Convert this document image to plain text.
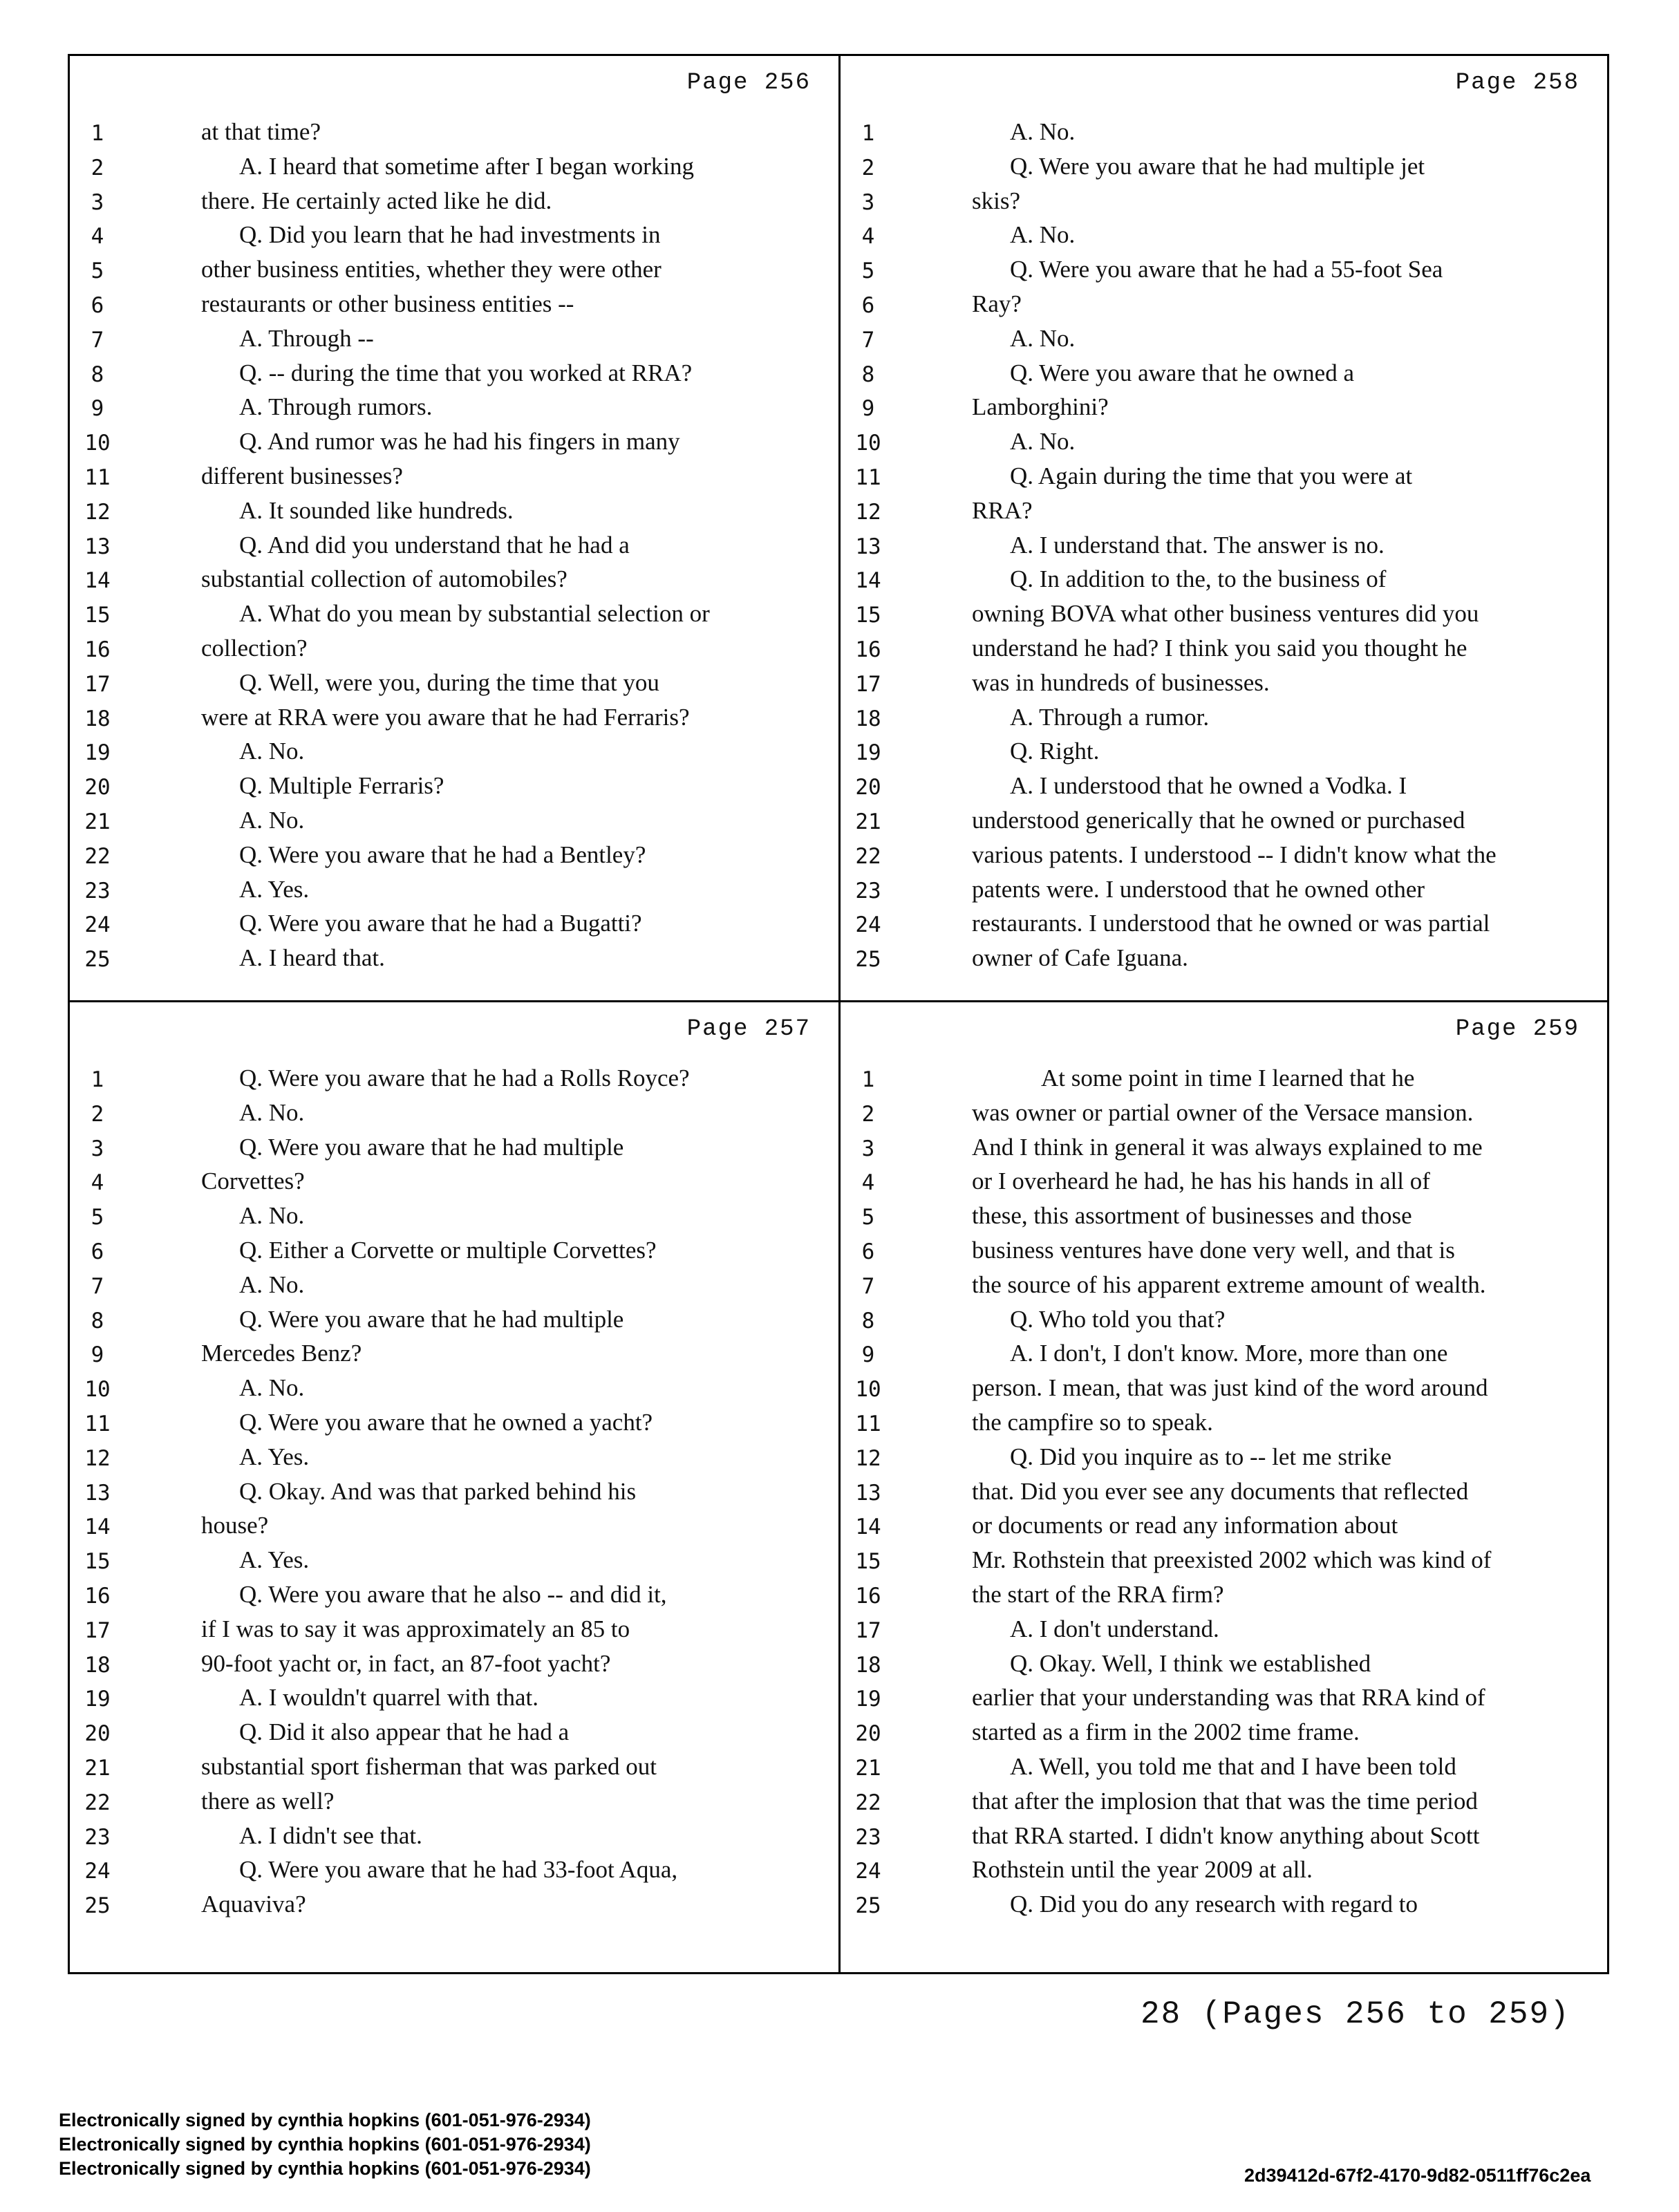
Page 256
1	at that time?
2	A. I heard that sometime after I began working
3	there. He certainly acted like he did.
4	Q. Did you learn that he had investments in
5	other business entities, whether they were other
6	restaurants or other business entities --
7	A. Through --
8	Q. -- during the time that you worked at RRA?
9	A. Through rumors.
10	Q. And rumor was he had his fingers in many
11	different businesses?
12	A. It sounded like hundreds.
13	Q. And did you understand that he had a
14	substantial collection of automobiles?
15	A. What do you mean by substantial selection or
16	collection?
17	Q. Well, were you, during the time that you
18	were at RRA were you aware that he had Ferraris?
19	A. No.
20	Q. Multiple Ferraris?
21	A. No.
22	Q. Were you aware that he had a Bentley?
23	A. Yes.
24	Q. Were you aware that he had a Bugatti?
25	A. I heard that.
Page 258
1	A. No.
2	Q. Were you aware that he had multiple jet
3	skis?
4	A. No.
5	Q. Were you aware that he had a 55-foot Sea
6	Ray?
7	A. No.
8	Q. Were you aware that he owned a
9	Lamborghini?
10	A. No.
11	Q. Again during the time that you were at
12	RRA?
13	A. I understand that. The answer is no.
14	Q. In addition to the, to the business of
15	owning BOVA what other business ventures did you
16	understand he had? I think you said you thought he
17	was in hundreds of businesses.
18	A. Through a rumor.
19	Q. Right.
20	A. I understood that he owned a Vodka. I
21	understood generically that he owned or purchased
22	various patents. I understood -- I didn't know what the
23	patents were. I understood that he owned other
24	restaurants. I understood that he owned or was partial
25	owner of Cafe Iguana.
Page 257
1	Q. Were you aware that he had a Rolls Royce?
2	A. No.
3	Q. Were you aware that he had multiple
4	Corvettes?
5	A. No.
6	Q. Either a Corvette or multiple Corvettes?
7	A. No.
8	Q. Were you aware that he had multiple
9	Mercedes Benz?
10	A. No.
11	Q. Were you aware that he owned a yacht?
12	A. Yes.
13	Q. Okay. And was that parked behind his
14	house?
15	A. Yes.
16	Q. Were you aware that he also -- and did it,
17	if I was to say it was approximately an 85 to
18	90-foot yacht or, in fact, an 87-foot yacht?
19	A. I wouldn't quarrel with that.
20	Q. Did it also appear that he had a
21	substantial sport fisherman that was parked out
22	there as well?
23	A. I didn't see that.
24	Q. Were you aware that he had 33-foot Aqua,
25	Aquaviva?
Page 259
1	At some point in time I learned that he
2	was owner or partial owner of the Versace mansion.
3	And I think in general it was always explained to me
4	or I overheard he had, he has his hands in all of
5	these, this assortment of businesses and those
6	business ventures have done very well, and that is
7	the source of his apparent extreme amount of wealth.
8	Q. Who told you that?
9	A. I don't, I don't know. More, more than one
10	person. I mean, that was just kind of the word around
11	the campfire so to speak.
12	Q. Did you inquire as to -- let me strike
13	that. Did you ever see any documents that reflected
14	or documents or read any information about
15	Mr. Rothstein that preexisted 2002 which was kind of
16	the start of the RRA firm?
17	A. I don't understand.
18	Q. Okay. Well, I think we established
19	earlier that your understanding was that RRA kind of
20	started as a firm in the 2002 time frame.
21	A. Well, you told me that and I have been told
22	that after the implosion that that was the time period
23	that RRA started. I didn't know anything about Scott
24	Rothstein until the year 2009 at all.
25	Q. Did you do any research with regard to
28 (Pages 256 to 259)
Electronically signed by cynthia hopkins (601-051-976-2934)
Electronically signed by cynthia hopkins (601-051-976-2934)
Electronically signed by cynthia hopkins (601-051-976-2934)	2d39412d-67f2-4170-9d82-0511ff76c2ea
